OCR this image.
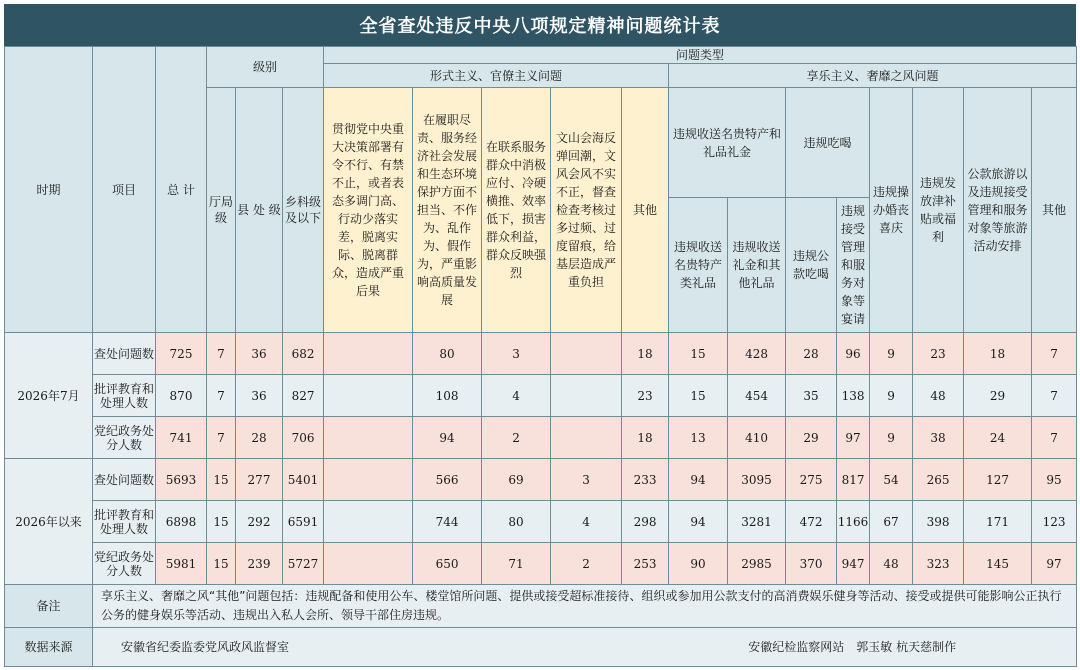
全省查处违反中央八项规定精神问题统计表
时期	项目	总 计	级别			问题类型												
						形式主义、官僚主义问题					享乐主义、奢靡之风问题							

			厅局级	县 处 级	乡科级及以下	贯彻党中央重大决策部署有令不行、有禁不止，或者表态多调门高、行动少落实差，脱离实际、脱离群众，造成严重后果	在履职尽责、服务经济社会发展和生态环境保护方面不担当、不作为、乱作为、假作为，严重影响高质量发展	在联系服务群众中消极应付、冷硬横推、效率低下，损害群众利益，群众反映强烈	文山会海反弹回潮，文风会风不实不正，督查检查考核过多过频、过度留痕，给基层造成严重负担	其他	违规收送名贵特产和礼品礼金		违规吃喝		违规操办婚丧喜庆	违规发放津补贴或福利	公款旅游以及违规接受管理和服务对象等旅游活动安排	其他
											违规收送名贵特产类礼品	违规收送礼金和其他礼品	违规公款吃喝	违规接受管理和服务对象等宴请				

2026年7月	查处问题数	725	7	36	682		80	3		18	15	428	28	96	9	23	18	7
	批评教育和处理人数	870	7	36	827		108	4		23	15	454	35	138	9	48	29	7
	党纪政务处分人数	741	7	28	706		94	2		18	13	410	29	97	9	38	24	7
2026年以来	查处问题数	5693	15	277	5401		566	69	3	233	94	3095	275	817	54	265	127	95
	批评教育和处理人数	6898	15	292	6591		744	80	4	298	94	3281	472	1166	67	398	171	123
	党纪政务处分人数	5981	15	239	5727		650	71	2	253	90	2985	370	947	48	323	145	97
备注	享乐主义、奢靡之风“其他”问题包括：违规配备和使用公车、楼堂馆所问题、提供或接受超标准接待、组织或参加用公款支付的高消费娱乐健身等活动、接受或提供可能影响公正执行公务的健身娱乐等活动、违规出入私人会所、领导干部住房违规。																	
数据来源	安徽省纪委监委党风政风监督室 安徽纪检监察网站　郭玉敏 杭天慈制作																	
